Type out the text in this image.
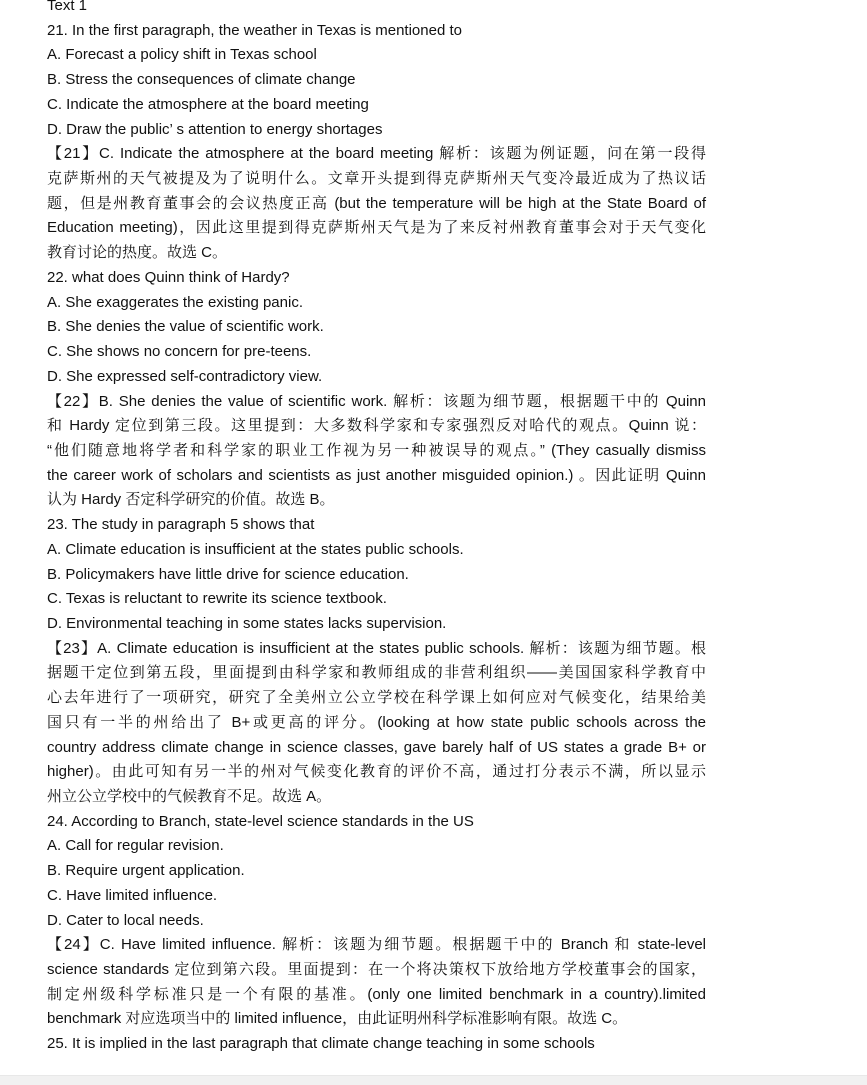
Text 1
21. In the first paragraph, the weather in Texas is mentioned to
A. Forecast a policy shift in Texas school
B. Stress the consequences of climate change
C. Indicate the atmosphere at the board meeting
D. Draw the public’ s attention to energy shortages
【21】C. Indicate the atmosphere at the board meeting 解析：该题为例证题，问在第一段得
克萨斯州的天气被提及为了说明什么。文章开头提到得克萨斯州天气变冷最近成为了热议话
题，但是州教育董事会的会议热度正高 (but the temperature will be high at the State Board of
Education meeting)，因此这里提到得克萨斯州天气是为了来反衬州教育董事会对于天气变化
教育讨论的热度。故选 C。
22. what does Quinn think of Hardy?
A. She exaggerates the existing panic.
B. She denies the value of scientific work.
C. She shows no concern for pre-teens.
D. She expressed self-contradictory view.
【22】B. She denies the value of scientific work. 解析：该题为细节题，根据题干中的 Quinn
和 Hardy 定位到第三段。这里提到：大多数科学家和专家强烈反对哈代的观点。Quinn 说：
“他们随意地将学者和科学家的职业工作视为另一种被误导的观点。” (They casually dismiss
the career work of scholars and scientists as just another misguided opinion.) 。因此证明 Quinn
认为 Hardy 否定科学研究的价值。故选 B。
23. The study in paragraph 5 shows that
A. Climate education is insufficient at the states public schools.
B. Policymakers have little drive for science education.
C. Texas is reluctant to rewrite its science textbook.
D. Environmental teaching in some states lacks supervision.
【23】A. Climate education is insufficient at the states public schools. 解析：该题为细节题。根
据题干定位到第五段，里面提到由科学家和教师组成的非营利组织——美国国家科学教育中
心去年进行了一项研究，研究了全美州立公立学校在科学课上如何应对气候变化，结果给美
国只有一半的州给出了 B+或更高的评分。(looking at how state public schools across the
country address climate change in science classes, gave barely half of US states a grade B+ or
higher)。由此可知有另一半的州对气候变化教育的评价不高，通过打分表示不满，所以显示
州立公立学校中的气候教育不足。故选 A。
24. According to Branch, state-level science standards in the US
A. Call for regular revision.
B. Require urgent application.
C. Have limited influence.
D. Cater to local needs.
【24】C. Have limited influence. 解析：该题为细节题。根据题干中的 Branch 和 state-level
science standards 定位到第六段。里面提到：在一个将决策权下放给地方学校董事会的国家，
制定州级科学标准只是一个有限的基准。(only one limited benchmark in a country).limited
benchmark 对应选项当中的 limited influence，由此证明州科学标准影响有限。故选 C。
25. It is implied in the last paragraph that climate change teaching in some schools
